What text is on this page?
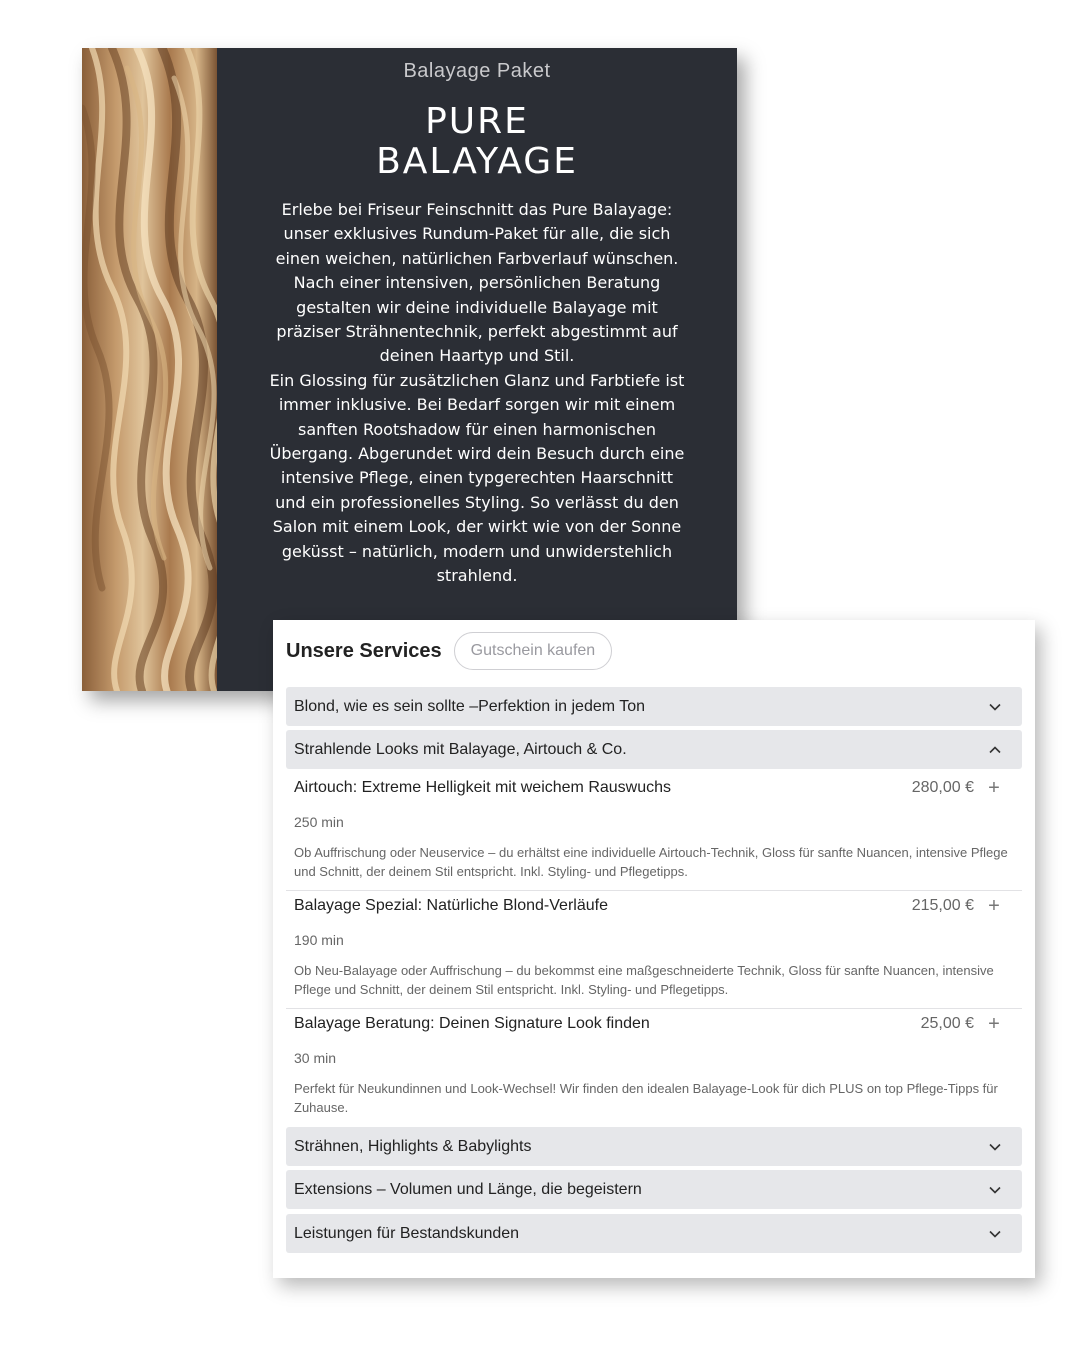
Balayage Paket
PURE
BALAYAGE

Erlebe bei Friseur Feinschnitt das Pure Balayage: unser exklusives Rundum-Paket für alle, die sich einen weichen, natürlichen Farbverlauf wünschen. Nach einer intensiven, persönlichen Beratung gestalten wir deine individuelle Balayage mit präziser Strähnentechnik, perfekt abgestimmt auf deinen Haartyp und Stil.

Ein Glossing für zusätzlichen Glanz und Farbtiefe ist immer inklusive. Bei Bedarf sorgen wir mit einem sanften Rootshadow für einen harmonischen Übergang. Abgerundet wird dein Besuch durch eine intensive Pflege, einen typgerechten Haarschnitt und ein professionelles Styling. So verlässt du den Salon mit einem Look, der wirkt wie von der Sonne geküsst – natürlich, modern und unwiderstehlich strahlend.

Unsere Services	Gutschein kaufen
Blond, wie es sein sollte –Perfektion in jedem Ton
Strahlende Looks mit Balayage, Airtouch & Co.
Airtouch: Extreme Helligkeit mit weichem Rauswuchs	280,00 € +
250 min
Ob Auffrischung oder Neuservice – du erhältst eine individuelle Airtouch-Technik, Gloss für sanfte Nuancen, intensive Pflege und Schnitt, der deinem Stil entspricht. Inkl. Styling- und Pflegetipps.
Balayage Spezial: Natürliche Blond-Verläufe	215,00 € +
190 min
Ob Neu-Balayage oder Auffrischung – du bekommst eine maßgeschneiderte Technik, Gloss für sanfte Nuancen, intensive Pflege und Schnitt, der deinem Stil entspricht. Inkl. Styling- und Pflegetipps.
Balayage Beratung: Deinen Signature Look finden	25,00 € +
30 min
Perfekt für Neukundinnen und Look-Wechsel! Wir finden den idealen Balayage-Look für dich PLUS on top Pflege-Tipps für Zuhause.
Strähnen, Highlights & Babylights
Extensions – Volumen und Länge, die begeistern
Leistungen für Bestandskunden
